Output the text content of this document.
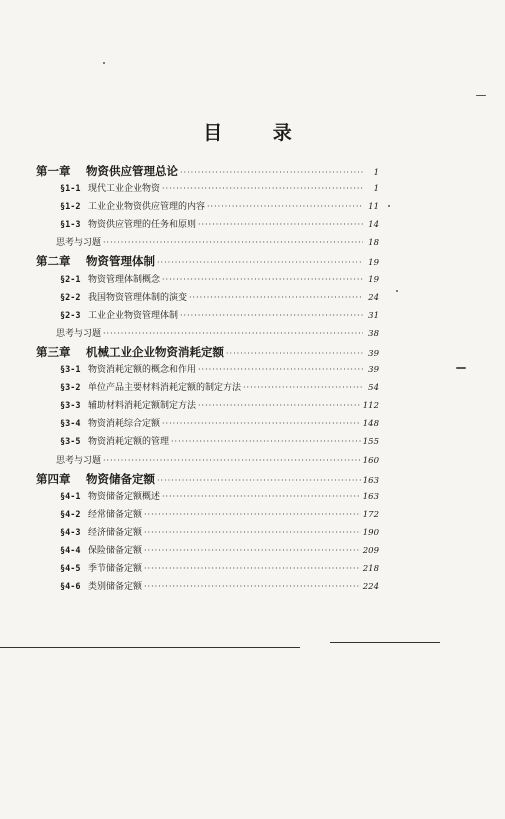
目 录
第一章	物资供应管理总论 ·····	1
§1-1 现代工业企业物资 ·····	1
§1-2 工业企业物资供应管理的内容 ·····	11
§1-3 物资供应管理的任务和原则 ·····	14
思考与习题 ·····	18
第二章	物资管理体制 ·····	19
§2-1 物资管理体制概念 ·····	19
§2-2 我国物资管理体制的演变 ·····	24
§2-3 工业企业物资管理体制 ·····	31
思考与习题 ·····	38
第三章	机械工业企业物资消耗定额 ·····	39
§3-1 物资消耗定额的概念和作用 ·····	39
§3-2 单位产品主要材料消耗定额的制定方法 ·····	54
§3-3 辅助材料消耗定额制定方法 ·····	112
§3-4 物资消耗综合定额 ·····	148
§3-5 物资消耗定额的管理 ·····	155
思考与习题 ·····	160
第四章	物资储备定额 ·····	163
§4-1 物资储备定额概述 ·····	163
§4-2 经常储备定额 ·····	172
§4-3 经济储备定额 ·····	190
§4-4 保险储备定额 ·····	209
§4-5 季节储备定额 ·····	218
§4-6 类别储备定额 ·····	224
